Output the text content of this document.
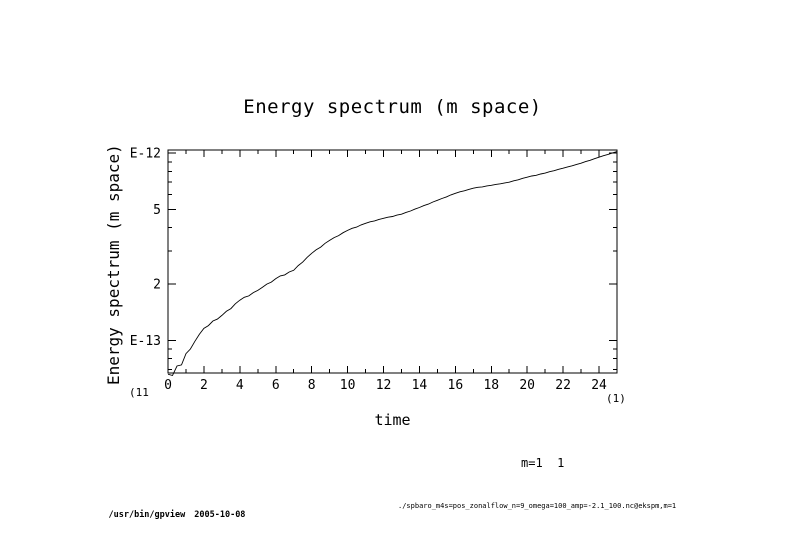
Energy spectrum (m space)
Energy spectrum (m space)
0 2 4 6 8 10 12 14 16 18 20 22 24
E-12
5
2
E-13
(11	(1)
time
m=1  1

/usr/bin/gpview 2005-10-08

./spbaro_m4s=pos_zonalflow_n=9_omega=100_amp=-2.1_100.nc@ekspm,m=1
